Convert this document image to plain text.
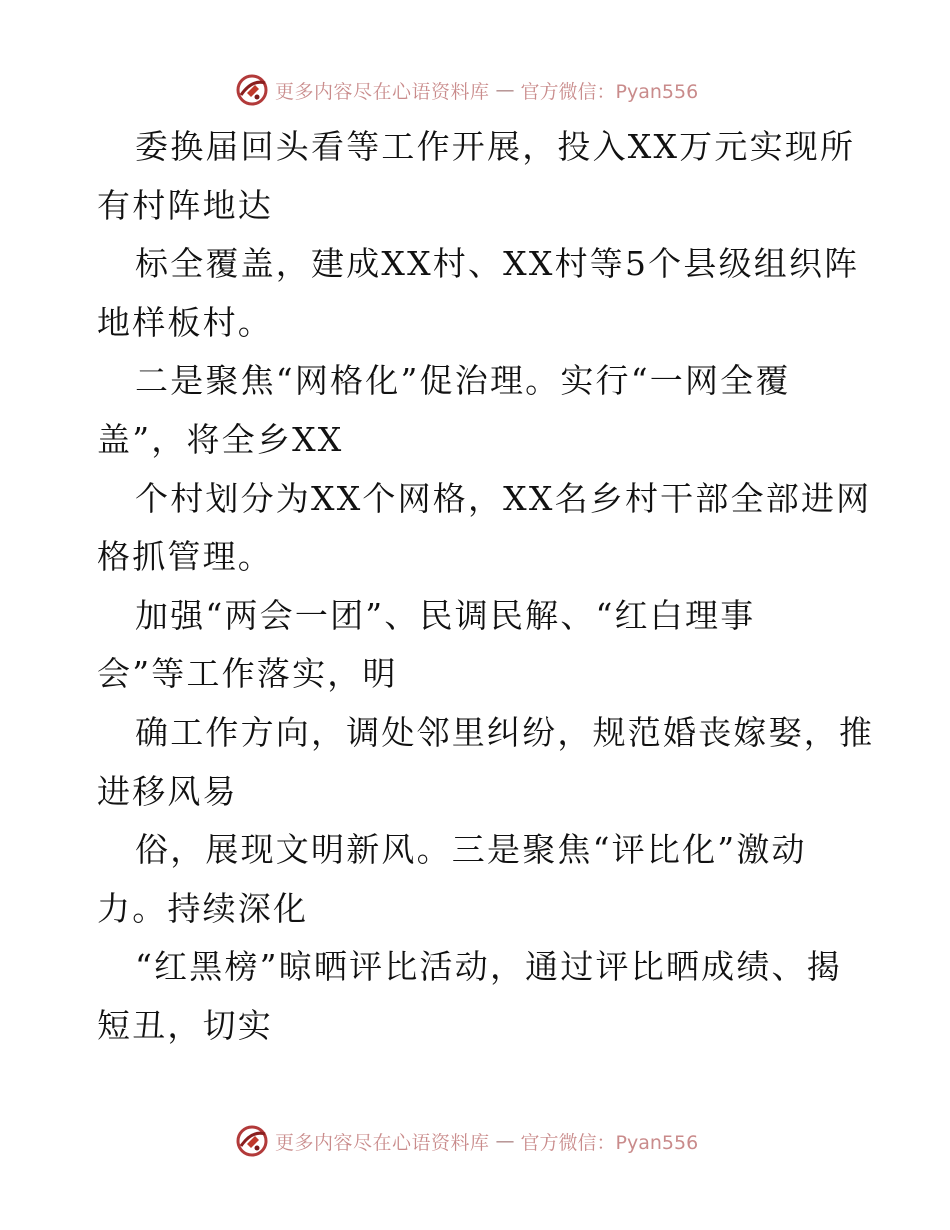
更多内容尽在心语资料库 — 官方微信：Pyan556
委换届回头看等工作开展，投入XX万元实现所
有村阵地达
标全覆盖，建成XX村、XX村等5个县级组织阵
地样板村。
二是聚焦“网格化”促治理。实行“一网全覆
盖”，将全乡XX
个村划分为XX个网格，XX名乡村干部全部进网
格抓管理。
加强“两会一团”、民调民解、“红白理事
会”等工作落实，明
确工作方向，调处邻里纠纷，规范婚丧嫁娶，推
进移风易
俗，展现文明新风。三是聚焦“评比化”激动
力。持续深化
“红黑榜”晾晒评比活动，通过评比晒成绩、揭
短丑，切实
更多内容尽在心语资料库 — 官方微信：Pyan556
